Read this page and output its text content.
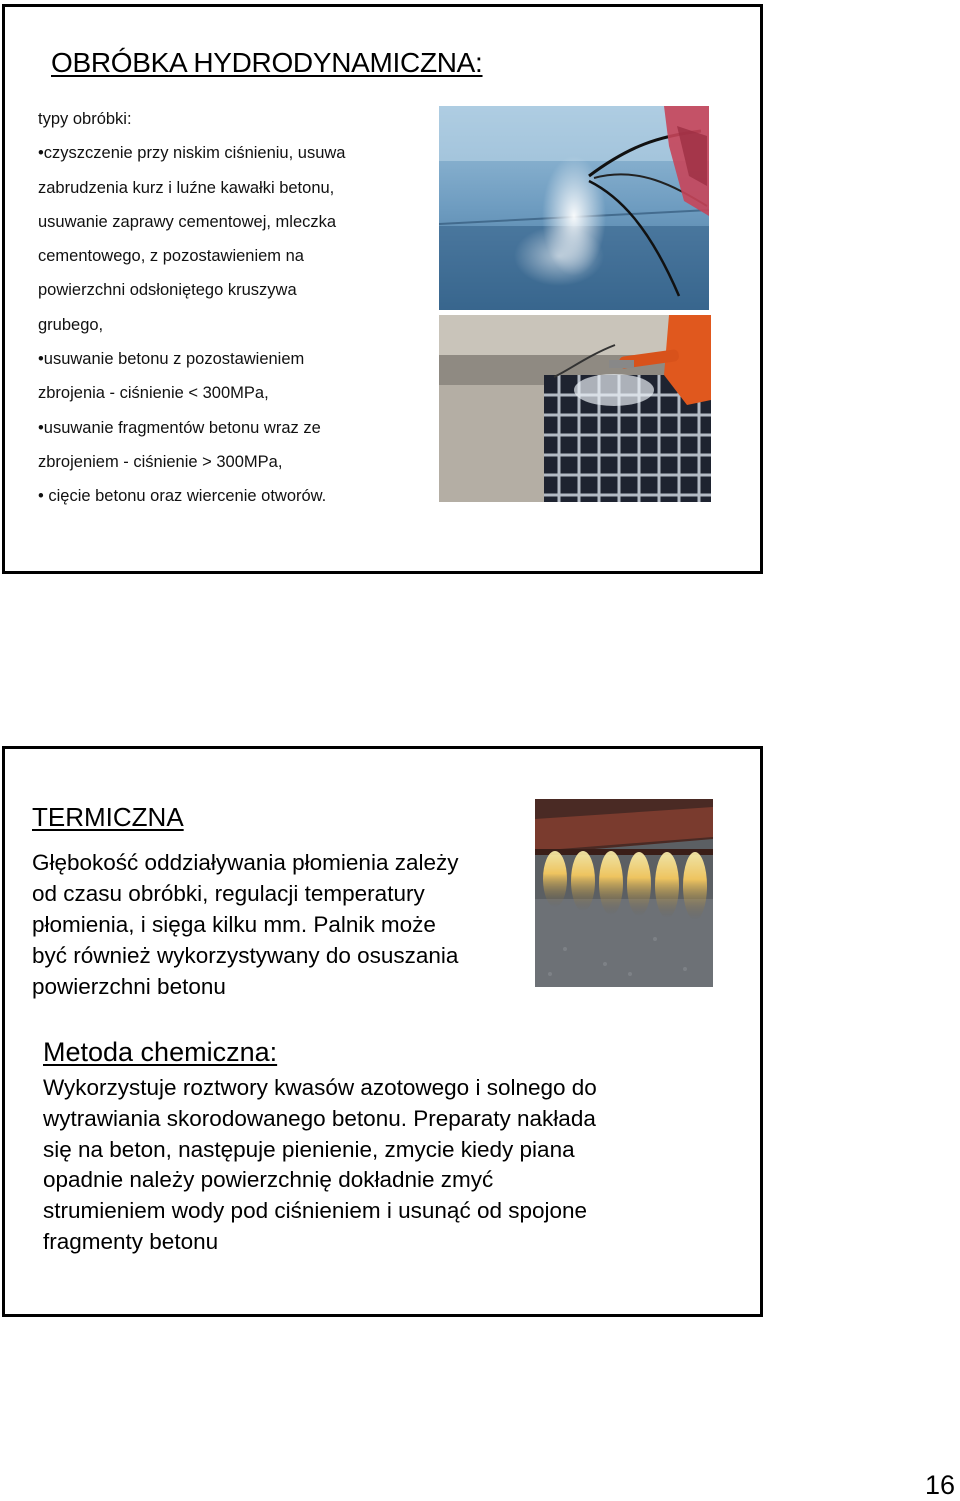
OBRÓBKA HYDRODYNAMICZNA:
typy obróbki:
•czyszczenie przy niskim ciśnieniu, usuwa
zabrudzenia kurz i luźne kawałki betonu,
usuwanie zaprawy cementowej, mleczka
cementowego, z pozostawieniem na
powierzchni odsłoniętego kruszywa
grubego,
•usuwanie betonu z pozostawieniem
zbrojenia - ciśnienie < 300MPa,
•usuwanie fragmentów betonu wraz ze
zbrojeniem - ciśnienie > 300MPa,
• cięcie betonu oraz wiercenie otworów.
TERMICZNA
Głębokość oddziaływania płomienia zależy
od czasu obróbki, regulacji temperatury
płomienia, i sięga kilku mm. Palnik może
być również wykorzystywany do osuszania
powierzchni betonu
Metoda chemiczna:
Wykorzystuje roztwory kwasów azotowego i solnego do
wytrawiania skorodowanego betonu. Preparaty nakłada
się na beton, następuje pienienie, zmycie kiedy piana
opadnie należy powierzchnię dokładnie zmyć
strumieniem wody pod ciśnieniem i usunąć od spojone
fragmenty betonu
16
